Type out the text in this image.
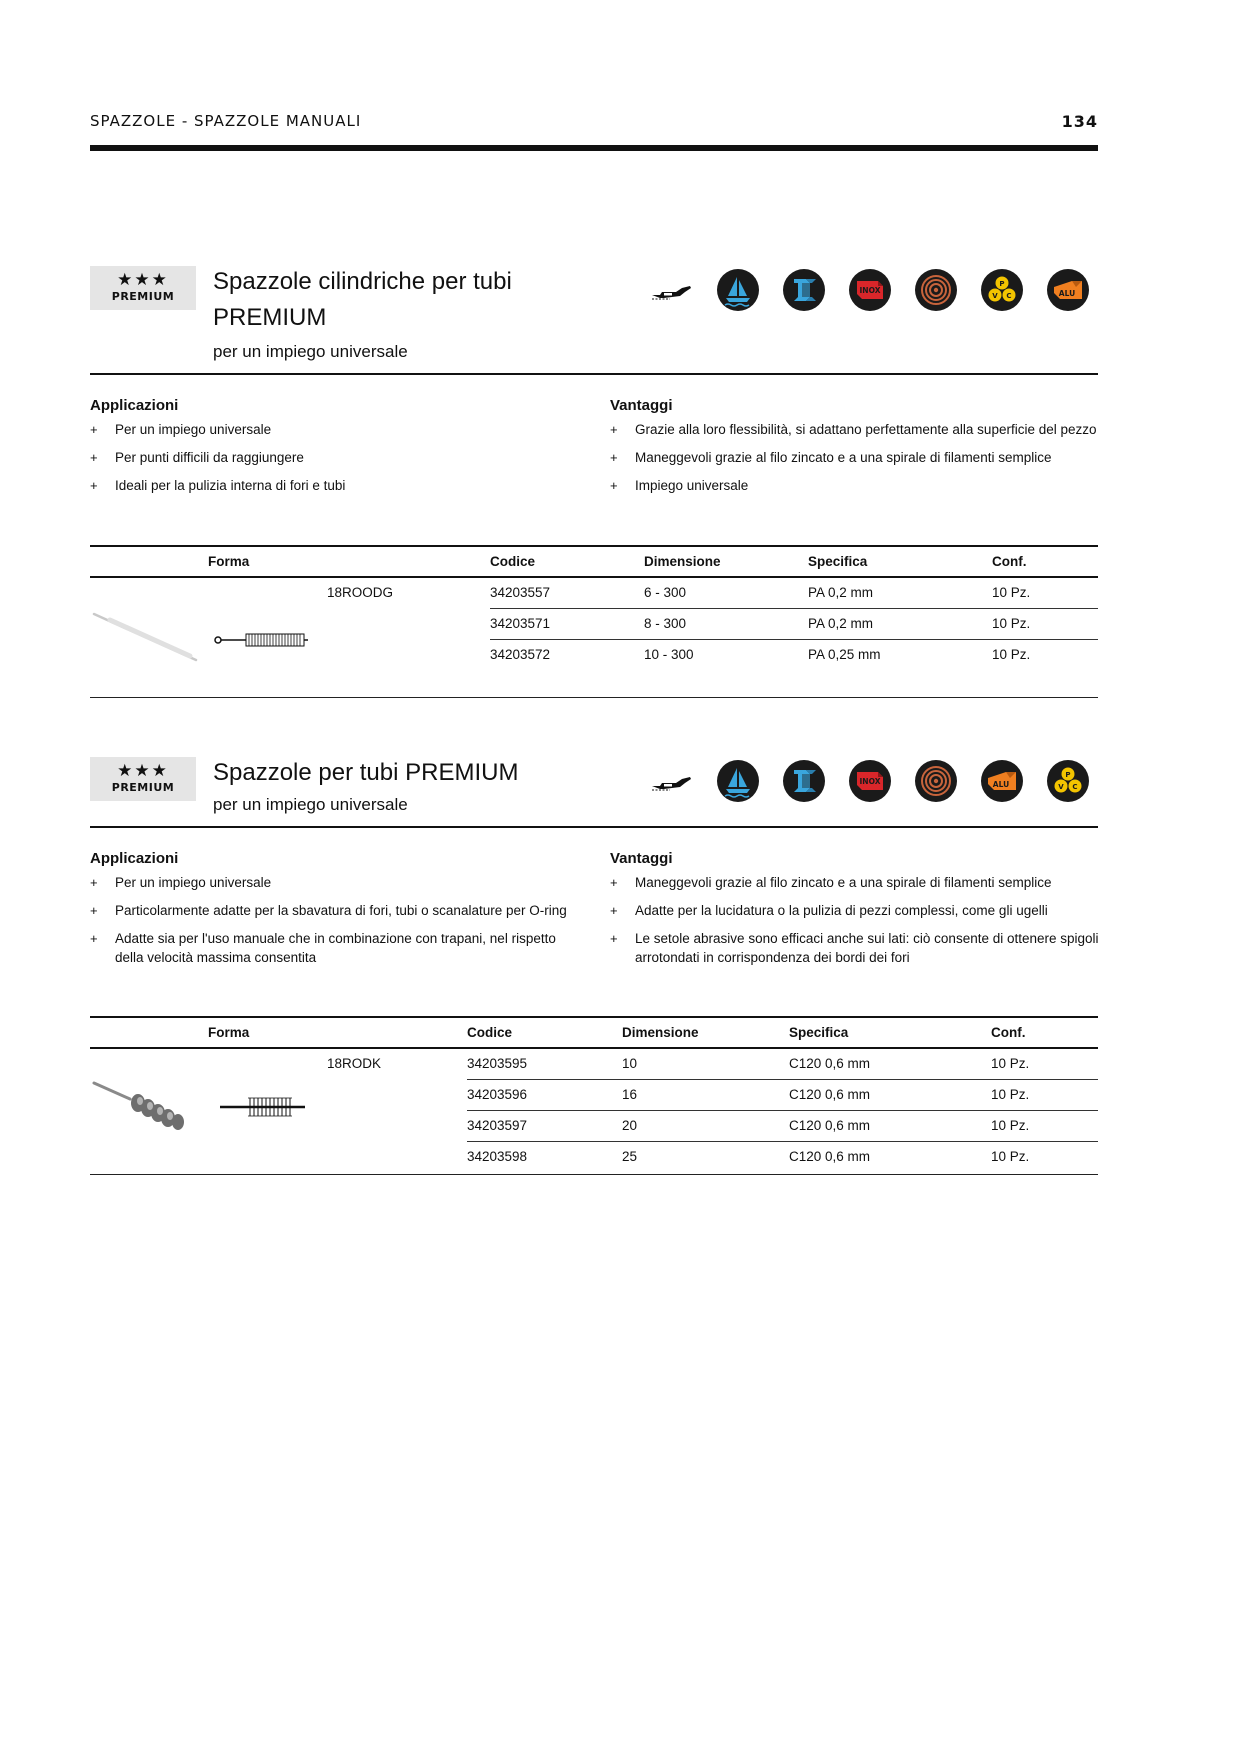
SPAZZOLE - SPAZZOLE MANUALI	134
★★★
PREMIUM
Spazzole cilindriche per tubi PREMIUM
per un impiego universale
INOX
P
V C	ALU
Applicazioni
+ Per un impiego universale
+ Per punti difficili da raggiungere
+ Ideali per la pulizia interna di fori e tubi
Vantaggi
+ Grazie alla loro flessibilità, si adattano perfettamente alla superficie del pezzo
+ Maneggevoli grazie al filo zincato e a una spirale di filamenti semplice
+ Impiego universale
Forma	Codice	Dimensione	Specifica	Conf.
18ROODG	34203557	6 - 300	PA 0,2 mm	10 Pz.
34203571	8 - 300	PA 0,2 mm	10 Pz.
34203572	10 - 300	PA 0,25 mm	10 Pz.
★★★
PREMIUM
Spazzole per tubi PREMIUM
per un impiego universale
INOX	ALU
P
V C
Applicazioni
+ Per un impiego universale
+ Particolarmente adatte per la sbavatura di fori, tubi o scanalature per O-ring
+ Adatte sia per l'uso manuale che in combinazione con trapani, nel rispetto della velocità massima consentita
Vantaggi
+ Maneggevoli grazie al filo zincato e a una spirale di filamenti semplice
+ Adatte per la lucidatura o la pulizia di pezzi complessi, come gli ugelli
+ Le setole abrasive sono efficaci anche sui lati: ciò consente di ottenere spigoli arrotondati in corrispondenza dei bordi dei fori
Forma	Codice	Dimensione	Specifica	Conf.
18RODK	34203595	10	C120 0,6 mm	10 Pz.
34203596	16	C120 0,6 mm	10 Pz.
34203597	20	C120 0,6 mm	10 Pz.
34203598	25	C120 0,6 mm	10 Pz.
